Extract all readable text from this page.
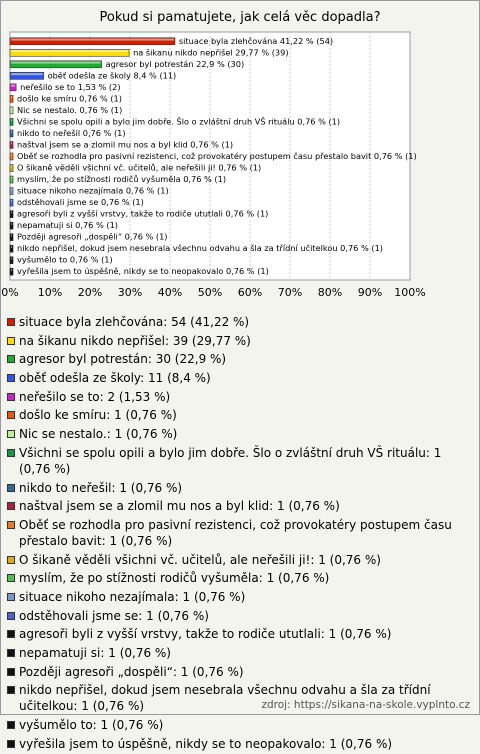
Pokud si pamatujete, jak celá věc dopadla?
0% 10% 20% 30% 40% 50% 60% 70% 80% 90% 100%
situace byla zlehčována 41,22 % (54)
na šikanu nikdo nepřišel 29,77 % (39)
agresor byl potrestán 22,9 % (30)
oběť odešla ze školy 8,4 % (11)
neřešilo se to 1,53 % (2)
došlo ke smíru 0,76 % (1)
Nic se nestalo. 0,76 % (1)
Všichni se spolu opili a bylo jim dobře. Šlo o zvláštní druh VŠ rituálu 0,76 % (1)
nikdo to neřešil 0,76 % (1)
naštval jsem se a zlomil mu nos a byl klid 0,76 % (1)
Oběť se rozhodla pro pasivní rezistenci, což provokatéry postupem času přestalo bavit 0,76 % (1)
O šikaně věděli všichni vč. učitelů, ale neřešili ji! 0,76 % (1)
myslím, že po stížnosti rodičů vyšuměla 0,76 % (1)
situace nikoho nezajímala 0,76 % (1)
odstěhovali jsme se 0,76 % (1)
agresoři byli z vyšší vrstvy, takže to rodiče ututlali 0,76 % (1)
nepamatuji si 0,76 % (1)
Později agresoři „dospěli“ 0,76 % (1)
nikdo nepřišel, dokud jsem nesebrala všechnu odvahu a šla za třídní učitelkou 0,76 % (1)
vyšumělo to 0,76 % (1)
vyřešila jsem to úspěšně, nikdy se to neopakovalo 0,76 % (1)
situace byla zlehčována: 54 (41,22 %)
na šikanu nikdo nepřišel: 39 (29,77 %)
agresor byl potrestán: 30 (22,9 %)
oběť odešla ze školy: 11 (8,4 %)
neřešilo se to: 2 (1,53 %)
došlo ke smíru: 1 (0,76 %)
Nic se nestalo.: 1 (0,76 %)
Všichni se spolu opili a bylo jim dobře. Šlo o zvláštní druh VŠ rituálu: 1 (0,76 %)
nikdo to neřešil: 1 (0,76 %)
naštval jsem se a zlomil mu nos a byl klid: 1 (0,76 %)
Oběť se rozhodla pro pasivní rezistenci, což provokatéry postupem času přestalo bavit: 1 (0,76 %)
O šikaně věděli všichni vč. učitelů, ale neřešili ji!: 1 (0,76 %)
myslím, že po stížnosti rodičů vyšuměla: 1 (0,76 %)
situace nikoho nezajímala: 1 (0,76 %)
odstěhovali jsme se: 1 (0,76 %)
agresoři byli z vyšší vrstvy, takže to rodiče ututlali: 1 (0,76 %)
nepamatuji si: 1 (0,76 %)
Později agresoři „dospěli“: 1 (0,76 %)
nikdo nepřišel, dokud jsem nesebrala všechnu odvahu a šla za třídní učitelkou: 1 (0,76 %)
vyšumělo to: 1 (0,76 %)
vyřešila jsem to úspěšně, nikdy se to neopakovalo: 1 (0,76 %)
zdroj: https://sikana-na-skole.vyplnto.cz
